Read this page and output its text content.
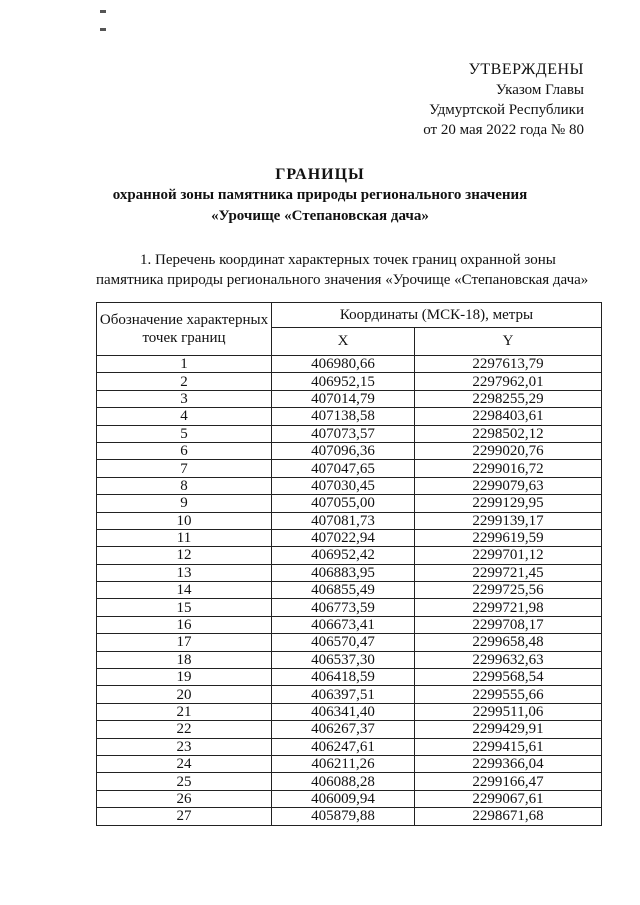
УТВЕРЖДЕНЫ
Указом Главы
Удмуртской Республики
от 20 мая 2022 года № 80
ГРАНИЦЫ
охранной зоны памятника природы регионального значения
«Урочище «Степановская дача»
1. Перечень координат характерных точек границ охранной зоны
памятника природы регионального значения «Урочище «Степановская дача»
Обозначение характерных точек границ	Координаты (МСК-18), метры	
	X	Y
1	406980,66	2297613,79
2	406952,15	2297962,01
3	407014,79	2298255,29
4	407138,58	2298403,61
5	407073,57	2298502,12
6	407096,36	2299020,76
7	407047,65	2299016,72
8	407030,45	2299079,63
9	407055,00	2299129,95
10	407081,73	2299139,17
11	407022,94	2299619,59
12	406952,42	2299701,12
13	406883,95	2299721,45
14	406855,49	2299725,56
15	406773,59	2299721,98
16	406673,41	2299708,17
17	406570,47	2299658,48
18	406537,30	2299632,63
19	406418,59	2299568,54
20	406397,51	2299555,66
21	406341,40	2299511,06
22	406267,37	2299429,91
23	406247,61	2299415,61
24	406211,26	2299366,04
25	406088,28	2299166,47
26	406009,94	2299067,61
27	405879,88	2298671,68
